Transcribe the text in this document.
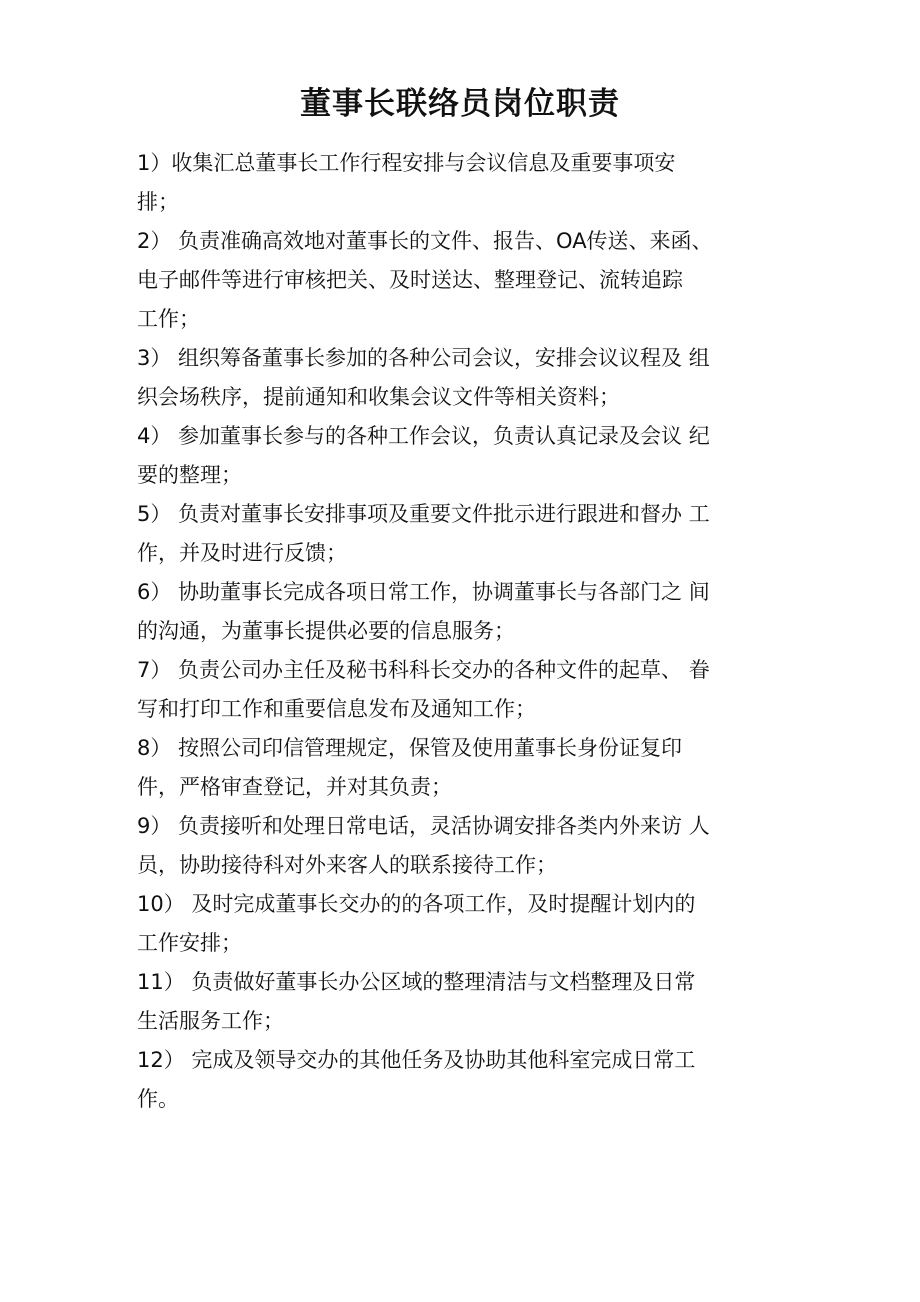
董事长联络员岗位职责
1）收集汇总董事长工作行程安排与会议信息及重要事项安
排；
2） 负责准确高效地对董事长的文件、报告、OA传送、来函、
电子邮件等进行审核把关、及时送达、整理登记、流转追踪
工作；
3） 组织筹备董事长参加的各种公司会议，安排会议议程及 组
织会场秩序，提前通知和收集会议文件等相关资料；
4） 参加董事长参与的各种工作会议，负责认真记录及会议 纪
要的整理；
5） 负责对董事长安排事项及重要文件批示进行跟进和督办 工
作，并及时进行反馈；
6） 协助董事长完成各项日常工作，协调董事长与各部门之 间
的沟通，为董事长提供必要的信息服务；
7） 负责公司办主任及秘书科科长交办的各种文件的起草、 眷
写和打印工作和重要信息发布及通知工作；
8） 按照公司印信管理规定，保管及使用董事长身份证复印
件，严格审查登记，并对其负责；
9） 负责接听和处理日常电话，灵活协调安排各类内外来访 人
员，协助接待科对外来客人的联系接待工作；
10） 及时完成董事长交办的的各项工作，及时提醒计划内的
工作安排；
11） 负责做好董事长办公区域的整理清洁与文档整理及日常
生活服务工作；
12） 完成及领导交办的其他任务及协助其他科室完成日常工
作。
